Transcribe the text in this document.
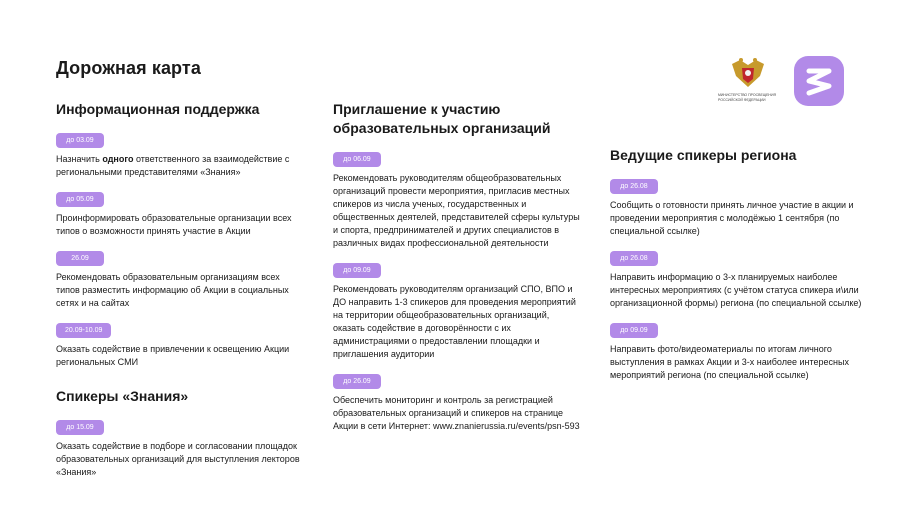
Дорожная карта
МИНИСТЕРСТВО ПРОСВЕЩЕНИЯ
РОССИЙСКОЙ ФЕДЕРАЦИИ
Информационная поддержка
до 03.09
Назначить одного ответственного за взаимодействие с региональными представителями «Знания»
до 05.09
Проинформировать образовательные организации всех типов о возможности принять участие в Акции
26.09
Рекомендовать образовательным организациям всех типов разместить информацию об Акции в социальных сетях и на сайтах
20.09-10.09
Оказать содействие в привлечении к освещению Акции региональных СМИ
Спикеры «Знания»
до 15.09
Оказать содействие в подборе и согласовании площадок образовательных организаций для выступления лекторов «Знания»
Приглашение к участию образовательных организаций
до 06.09
Рекомендовать руководителям общеобразовательных организаций провести мероприятия, пригласив местных спикеров из числа ученых, государственных и общественных деятелей, представителей сферы культуры и спорта, предпринимателей и других специалистов в различных видах профессиональной деятельности
до 09.09
Рекомендовать руководителям организаций СПО, ВПО и ДО направить 1-3 спикеров для проведения мероприятий на территории общеобразовательных организаций, оказать содействие в договорённости с их администрациями о предоставлении площадки и приглашения аудитории
до 26.09
Обеспечить мониторинг и контроль за регистрацией образовательных организаций и спикеров на странице Акции в сети Интернет: www.znanierussia.ru/events/psn-593
Ведущие спикеры региона
до 26.08
Сообщить о готовности принять личное участие в акции и проведении мероприятия с молодёжью 1 сентября (по специальной ссылке)
до 26.08
Направить информацию о 3-х планируемых наиболее интересных мероприятиях (с учётом статуса спикера и\или организационной формы) региона (по специальной ссылке)
до 09.09
Направить фото/видеоматериалы по итогам личного выступления в рамках Акции и 3-х наиболее интересных мероприятий региона (по специальной ссылке)
